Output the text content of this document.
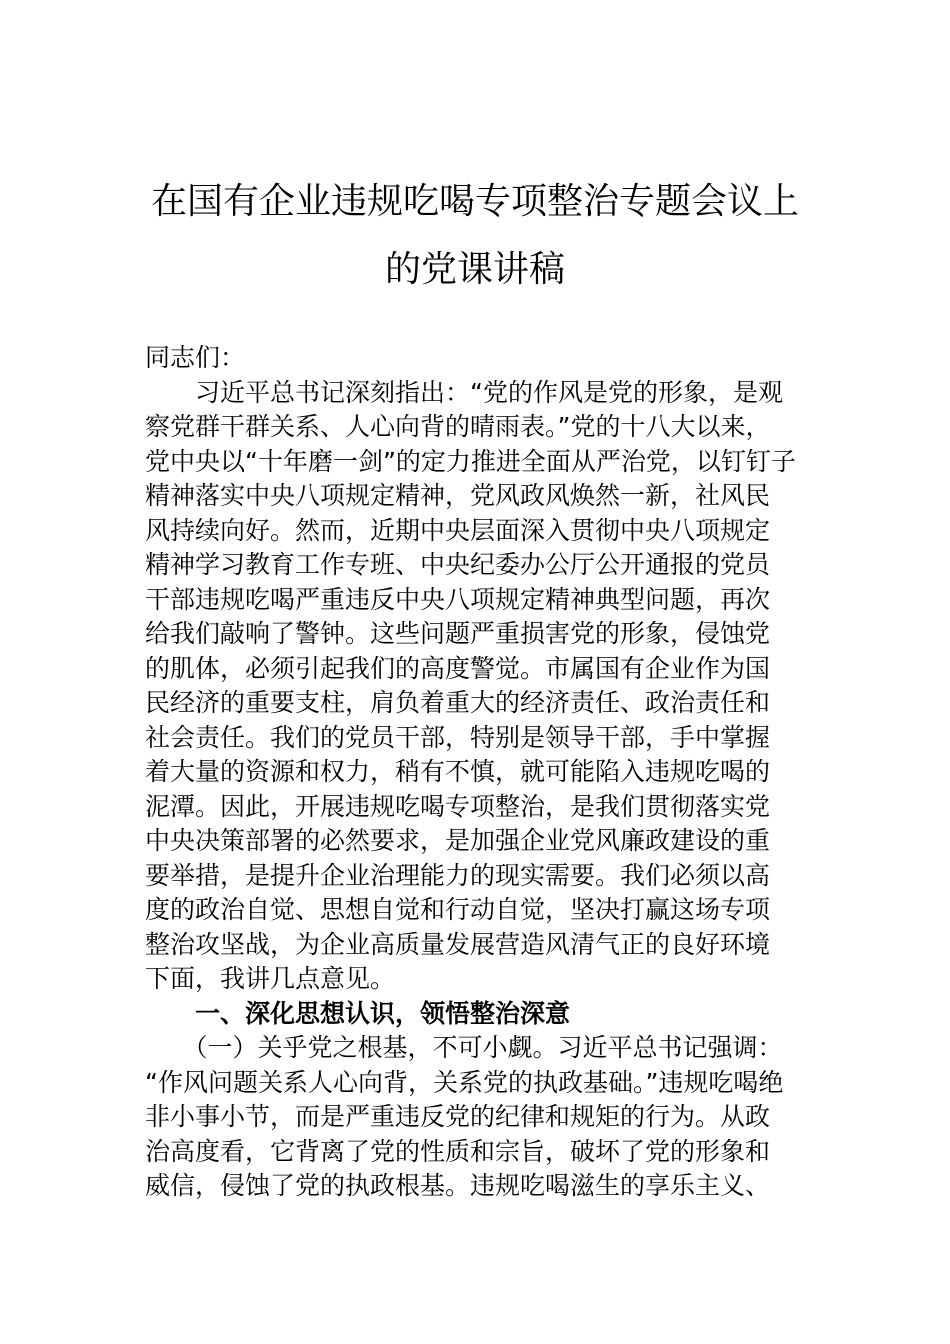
在国有企业违规吃喝专项整治专题会议上
的党课讲稿
同志们：
　　习近平总书记深刻指出：“党的作风是党的形象，是观
察党群干群关系、人心向背的晴雨表。”党的十八大以来，
党中央以“十年磨一剑”的定力推进全面从严治党，以钉钉子
精神落实中央八项规定精神，党风政风焕然一新，社风民
风持续向好。然而，近期中央层面深入贯彻中央八项规定
精神学习教育工作专班、中央纪委办公厅公开通报的党员
干部违规吃喝严重违反中央八项规定精神典型问题，再次
给我们敲响了警钟。这些问题严重损害党的形象，侵蚀党
的肌体，必须引起我们的高度警觉。市属国有企业作为国
民经济的重要支柱，肩负着重大的经济责任、政治责任和
社会责任。我们的党员干部，特别是领导干部，手中掌握
着大量的资源和权力，稍有不慎，就可能陷入违规吃喝的
泥潭。因此，开展违规吃喝专项整治，是我们贯彻落实党
中央决策部署的必然要求，是加强企业党风廉政建设的重
要举措，是提升企业治理能力的现实需要。我们必须以高
度的政治自觉、思想自觉和行动自觉，坚决打赢这场专项
整治攻坚战，为企业高质量发展营造风清气正的良好环境
下面，我讲几点意见。
　　一、深化思想认识，领悟整治深意
　　（一）关乎党之根基，不可小觑。习近平总书记强调：
“作风问题关系人心向背，关系党的执政基础。”违规吃喝绝
非小事小节，而是严重违反党的纪律和规矩的行为。从政
治高度看，它背离了党的性质和宗旨，破坏了党的形象和
威信，侵蚀了党的执政根基。违规吃喝滋生的享乐主义、
